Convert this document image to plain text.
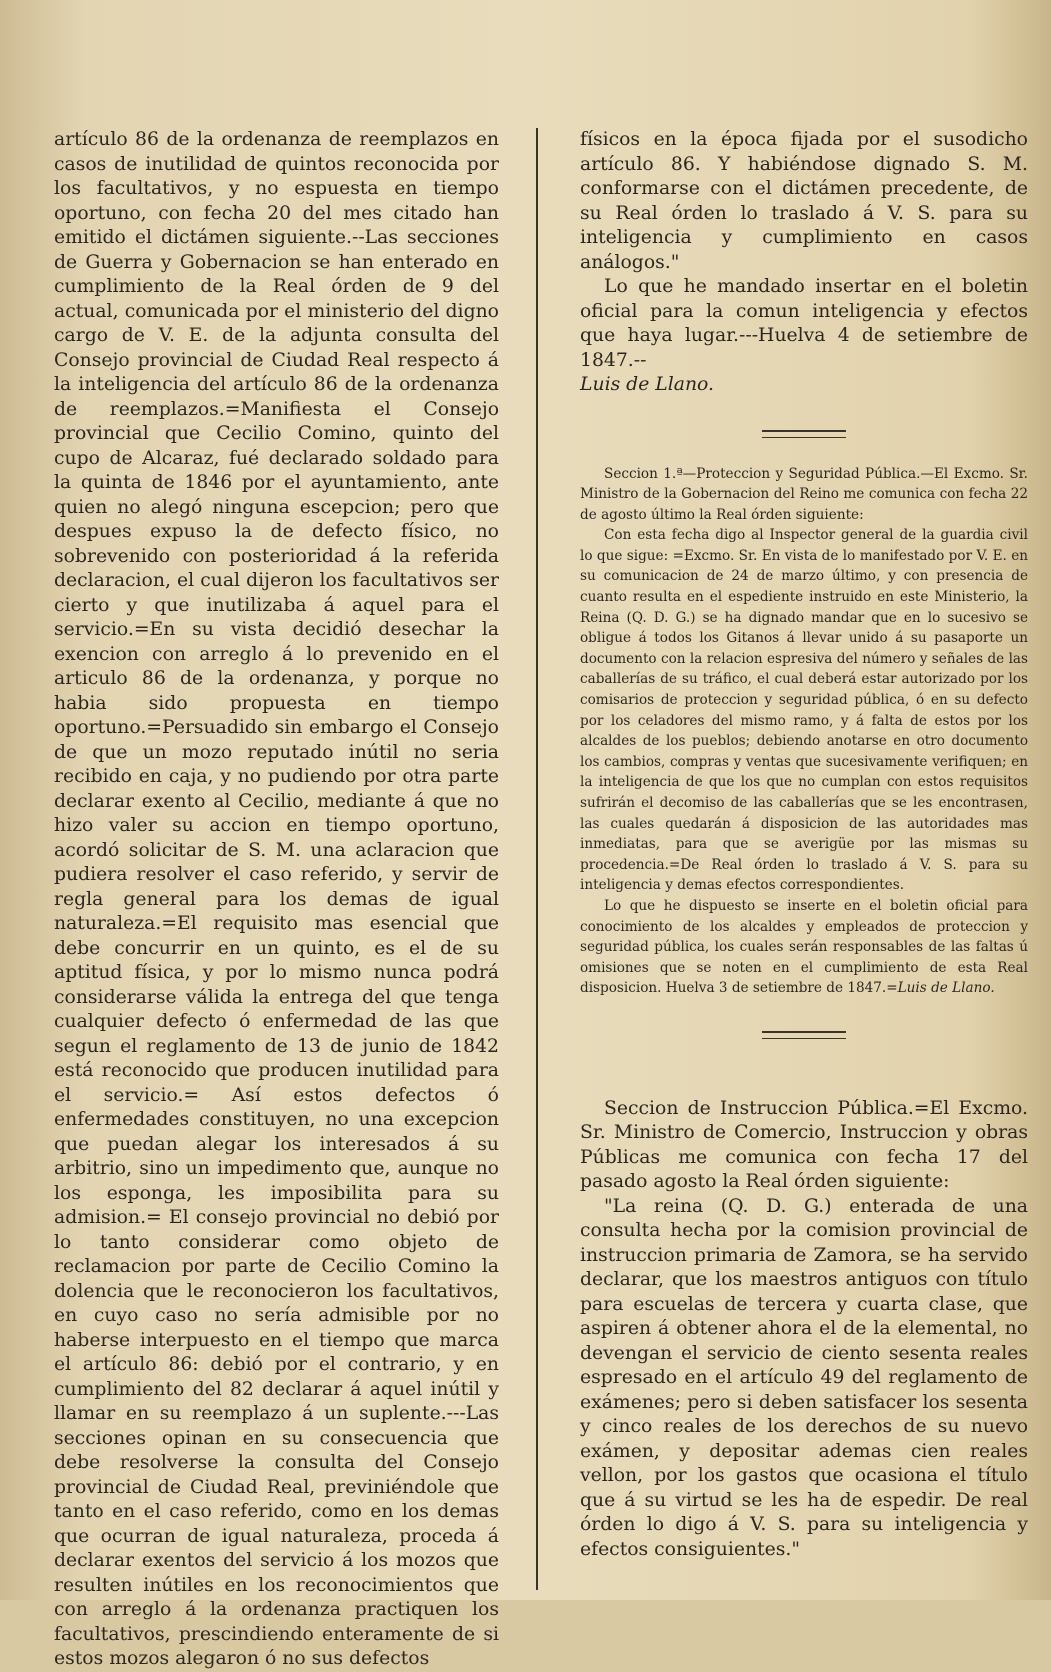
artículo 86 de la ordenanza de reemplazos en casos de inutilidad de quintos reconocida por los facultativos, y no espuesta en tiempo oportuno, con fecha 20 del mes citado han emitido el dictámen siguiente.--Las secciones de Guerra y Gobernacion se han enterado en cumplimiento de la Real órden de 9 del actual, comunicada por el ministerio del digno cargo de V. E. de la adjunta consulta del Consejo provincial de Ciudad Real respecto á la inteligencia del artículo 86 de la ordenanza de reemplazos.=Manifiesta el Consejo provincial que Cecilio Comino, quinto del cupo de Alcaraz, fué declarado soldado para la quinta de 1846 por el ayuntamiento, ante quien no alegó ninguna escepcion; pero que despues expuso la de defecto físico, no sobrevenido con posterioridad á la referida declaracion, el cual dijeron los facultativos ser cierto y que inutilizaba á aquel para el servicio.=En su vista decidió desechar la exencion con arreglo á lo prevenido en el articulo 86 de la ordenanza, y porque no habia sido propuesta en tiempo oportuno.=Persuadido sin embargo el Consejo de que un mozo reputado inútil no seria recibido en caja, y no pudiendo por otra parte declarar exento al Cecilio, mediante á que no hizo valer su accion en tiempo oportuno, acordó solicitar de S. M. una aclaracion que pudiera resolver el caso referido, y servir de regla general para los demas de igual naturaleza.=El requisito mas esencial que debe concurrir en un quinto, es el de su aptitud física, y por lo mismo nunca podrá considerarse válida la entrega del que tenga cualquier defecto ó enfermedad de las que segun el reglamento de 13 de junio de 1842 está reconocido que producen inutilidad para el servicio.= Así estos defectos ó enfermedades constituyen, no una excepcion que puedan alegar los interesados á su arbitrio, sino un impedimento que, aunque no los esponga, les imposibilita para su admision.= El consejo provincial no debió por lo tanto considerar como objeto de reclamacion por parte de Cecilio Comino la dolencia que le reconocieron los facultativos, en cuyo caso no sería admisible por no haberse interpuesto en el tiempo que marca el artículo 86: debió por el contrario, y en cumplimiento del 82 declarar á aquel inútil y llamar en su reemplazo á un suplente.---Las secciones opinan en su consecuencia que debe resolverse la consulta del Consejo provincial de Ciudad Real, previniéndole que tanto en el caso referido, como en los demas que ocurran de igual naturaleza, proceda á declarar exentos del servicio á los mozos que resulten inútiles en los reconocimientos que con arreglo á la ordenanza practiquen los facultativos, prescindiendo enteramente de si estos mozos alegaron ó no sus defectos

físicos en la época fijada por el susodicho artículo 86. Y habiéndose dignado S. M. conformarse con el dictámen precedente, de su Real órden lo traslado á V. S. para su inteligencia y cumplimiento en casos análogos."

Lo que he mandado insertar en el boletin oficial para la comun inteligencia y efectos que haya lugar.---Huelva 4 de setiembre de 1847.--
Luis de Llano.

Seccion 1.ª—Proteccion y Seguridad Pública.—El Excmo. Sr. Ministro de la Gobernacion del Reino me comunica con fecha 22 de agosto último la Real órden siguiente:

Con esta fecha digo al Inspector general de la guardia civil lo que sigue: =Excmo. Sr. En vista de lo manifestado por V. E. en su comunicacion de 24 de marzo último, y con presencia de cuanto resulta en el espediente instruido en este Ministerio, la Reina (Q. D. G.) se ha dignado mandar que en lo sucesivo se obligue á todos los Gitanos á llevar unido á su pasaporte un documento con la relacion espresiva del número y señales de las caballerías de su tráfico, el cual deberá estar autorizado por los comisarios de proteccion y seguridad pública, ó en su defecto por los celadores del mismo ramo, y á falta de estos por los alcaldes de los pueblos; debiendo anotarse en otro documento los cambios, compras y ventas que sucesivamente verifiquen; en la inteligencia de que los que no cumplan con estos requisitos sufrirán el decomiso de las caballerías que se les encontrasen, las cuales quedarán á disposicion de las autoridades mas inmediatas, para que se averigüe por las mismas su procedencia.=De Real órden lo traslado á V. S. para su inteligencia y demas efectos correspondientes.

Lo que he dispuesto se inserte en el boletin oficial para conocimiento de los alcaldes y empleados de proteccion y seguridad pública, los cuales serán responsables de las faltas ú omisiones que se noten en el cumplimiento de esta Real disposicion. Huelva 3 de setiembre de 1847.=Luis de Llano.

Seccion de Instruccion Pública.=El Excmo. Sr. Ministro de Comercio, Instruccion y obras Públicas me comunica con fecha 17 del pasado agosto la Real órden siguiente:

"La reina (Q. D. G.) enterada de una consulta hecha por la comision provincial de instruccion primaria de Zamora, se ha servido declarar, que los maestros antiguos con título para escuelas de tercera y cuarta clase, que aspiren á obtener ahora el de la elemental, no devengan el servicio de ciento sesenta reales espresado en el artículo 49 del reglamento de exámenes; pero si deben satisfacer los sesenta y cinco reales de los derechos de su nuevo exámen, y depositar ademas cien reales vellon, por los gastos que ocasiona el título que á su virtud se les ha de espedir. De real órden lo digo á V. S. para su inteligencia y efectos consiguientes."
